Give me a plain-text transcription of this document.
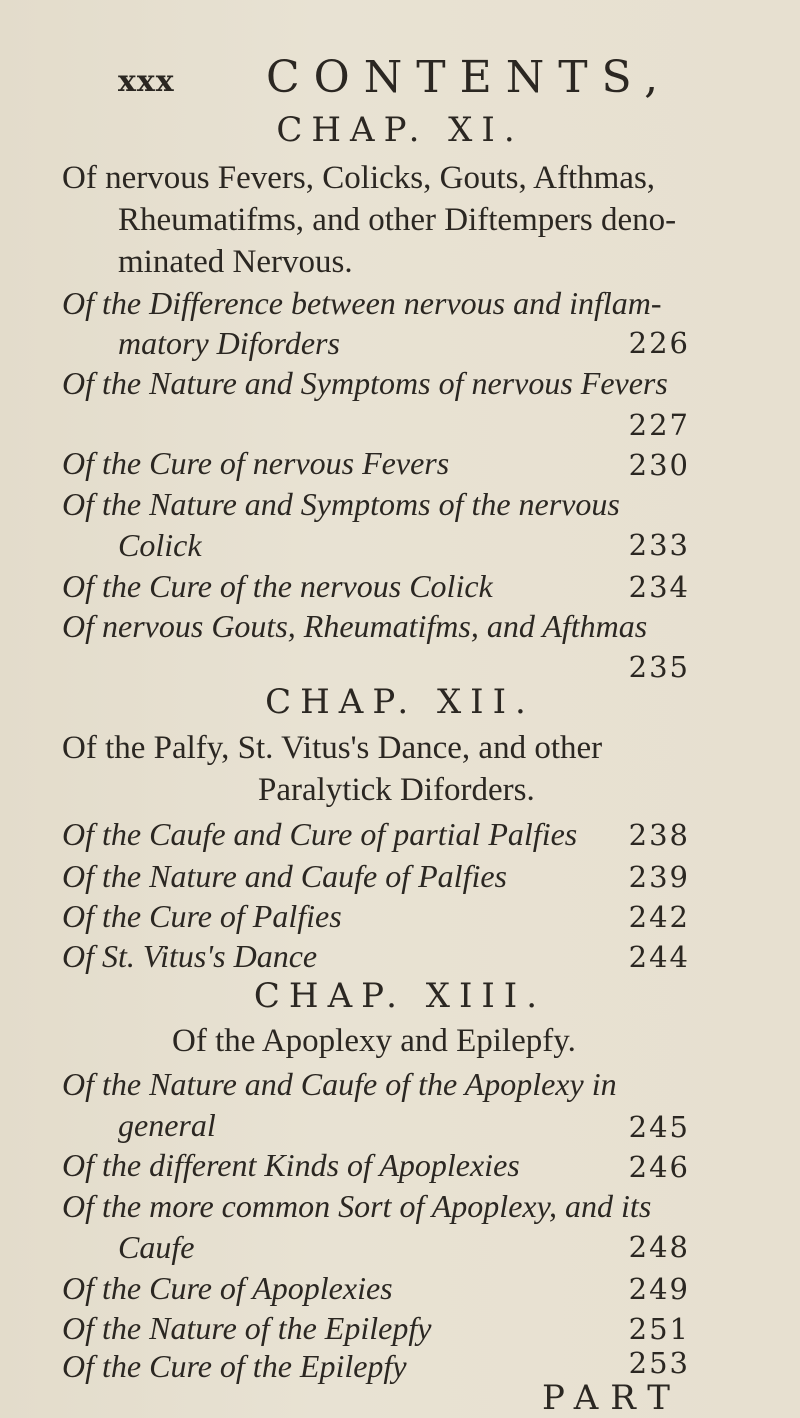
xxx CONTENTS,
CHAP. XI.
Of nervous Fevers, Colicks, Gouts, Afthmas,
Rheumatifms, and other Diftempers deno-
minated Nervous.
Of the Difference between nervous and inflam-
matory Diforders	226
Of the Nature and Symptoms of nervous Fevers
227
Of the Cure of nervous Fevers	230
Of the Nature and Symptoms of the nervous
Colick	233
Of the Cure of the nervous Colick	234
Of nervous Gouts, Rheumatifms, and Afthmas
235
CHAP. XII.
Of the Palfy, St. Vitus's Dance, and other
Paralytick Diforders.
Of the Caufe and Cure of partial Palfies 238
Of the Nature and Caufe of Palfies	239
Of the Cure of Palfies	242
Of St. Vitus's Dance	244
CHAP. XIII.
Of the Apoplexy and Epilepfy.
Of the Nature and Caufe of the Apoplexy in
general	245
Of the different Kinds of Apoplexies	246
Of the more common Sort of Apoplexy, and its
Caufe	248
Of the Cure of Apoplexies	249
Of the Nature of the Epilepfy	251
Of the Cure of the Epilepfy	253
PART
